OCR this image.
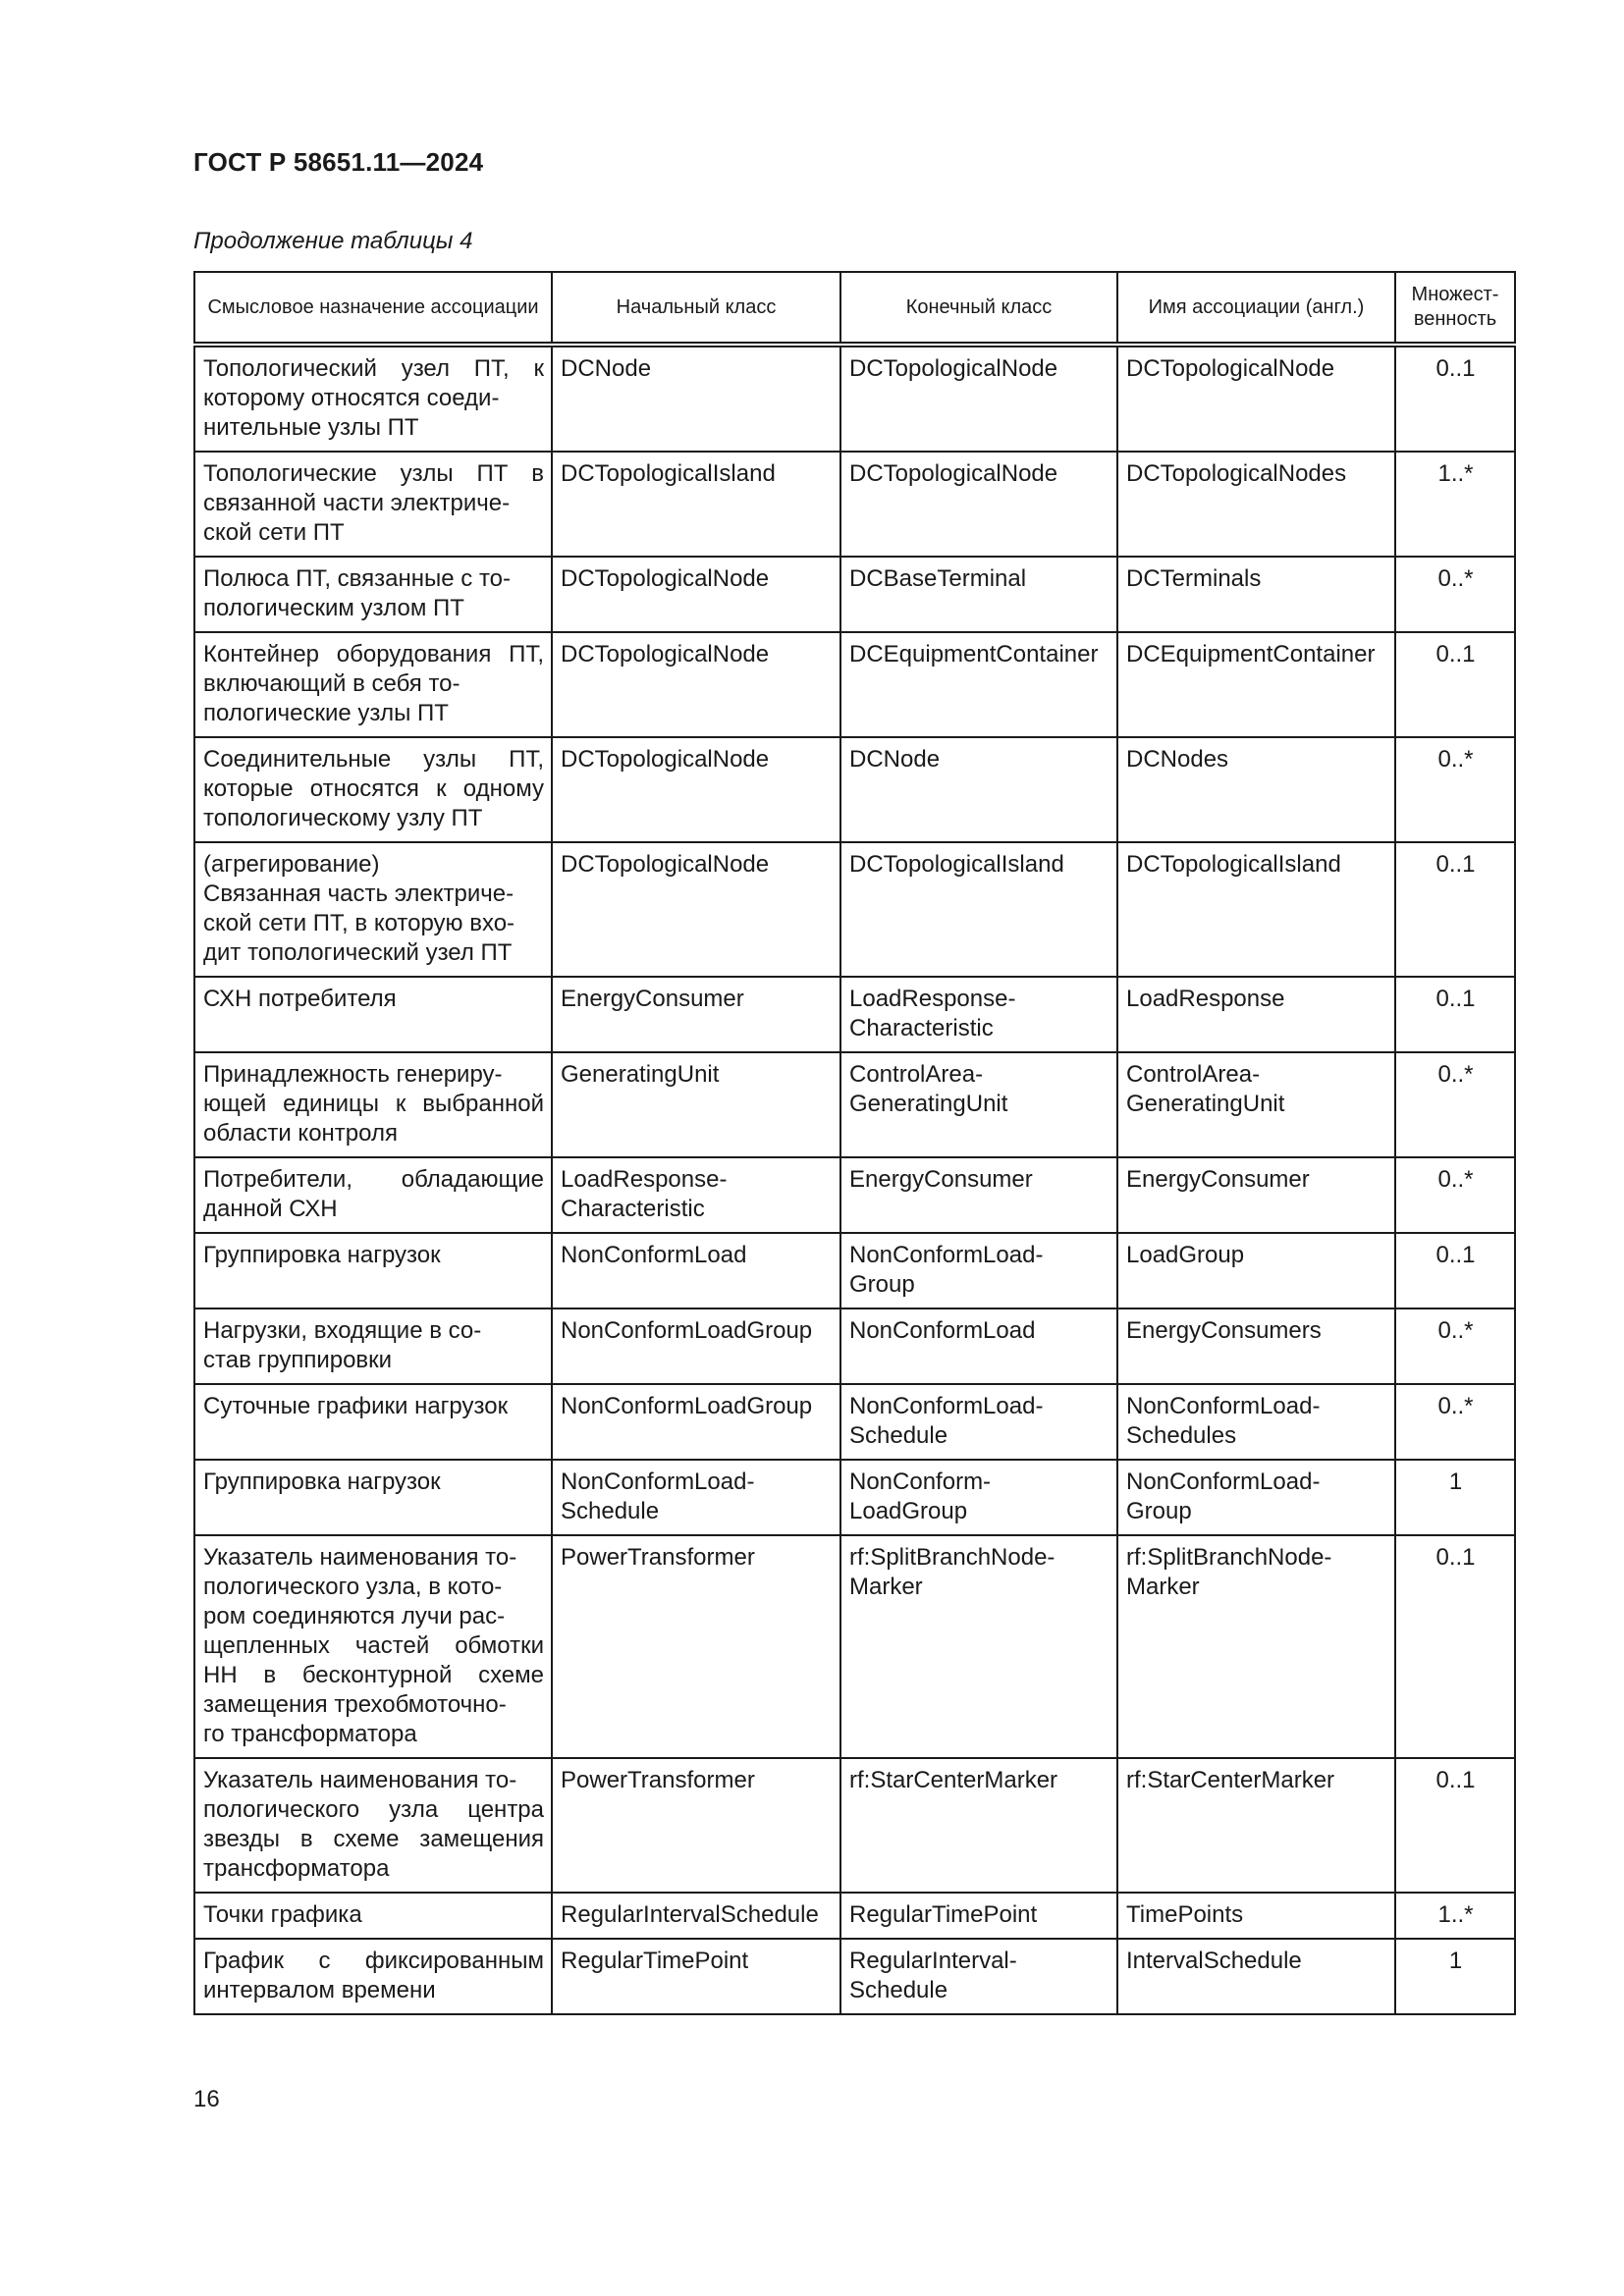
ГОСТ Р 58651.11—2024
Продолжение таблицы 4
Смысловое назначение ассоциации	Начальный класс	Конечный класс	Имя ассоциации (англ.)	Множест-
венность
Топологический узел ПТ, к которому относятся соеди-
нительные узлы ПТ	DCNode	DCTopologicalNode	DCTopologicalNode	0..1
Топологические узлы ПТ в связанной части электриче-
ской сети ПТ	DCTopologicalIsland	DCTopologicalNode	DCTopologicalNodes	1..*
Полюса ПТ, связанные с то-
пологическим узлом ПТ	DCTopologicalNode	DCBaseTerminal	DCTerminals	0..*
Контейнер оборудования ПТ, включающий в себя то-
пологические узлы ПТ	DCTopologicalNode	DCEquipmentContainer	DCEquipmentContainer	0..1
Соединительные узлы ПТ, которые относятся к одному топологическому узлу ПТ	DCTopologicalNode	DCNode	DCNodes	0..*
(агрегирование)
Связанная часть электриче-
ской сети ПТ, в которую вхо-
дит топологический узел ПТ	DCTopologicalNode	DCTopologicalIsland	DCTopologicalIsland	0..1
СХН потребителя	EnergyConsumer	LoadResponse-
Characteristic	LoadResponse	0..1
Принадлежность генериру-
ющей единицы к выбранной области контроля	GeneratingUnit	ControlArea-
GeneratingUnit	ControlArea-
GeneratingUnit	0..*
Потребители, обладающие данной СХН	LoadResponse-
Characteristic	EnergyConsumer	EnergyConsumer	0..*
Группировка нагрузок	NonConformLoad	NonConformLoad-
Group	LoadGroup	0..1
Нагрузки, входящие в со-
став группировки	NonConformLoadGroup	NonConformLoad	EnergyConsumers	0..*
Суточные графики нагрузок	NonConformLoadGroup	NonConformLoad-
Schedule	NonConformLoad-
Schedules	0..*
Группировка нагрузок	NonConformLoad-
Schedule	NonConform-
LoadGroup	NonConformLoad-
Group	1
Указатель наименования то-
пологического узла, в кото-
ром соединяются лучи рас-
щепленных частей обмотки НН в бесконтурной схеме замещения трехобмоточно-
го трансформатора	PowerTransformer	rf:SplitBranchNode-
Marker	rf:SplitBranchNode-
Marker	0..1
Указатель наименования то-
пологического узла центра звезды в схеме замещения трансформатора	PowerTransformer	rf:StarCenterMarker	rf:StarCenterMarker	0..1
Точки графика	RegularIntervalSchedule	RegularTimePoint	TimePoints	1..*
График с фиксированным интервалом времени	RegularTimePoint	RegularInterval-
Schedule	IntervalSchedule	1
16
